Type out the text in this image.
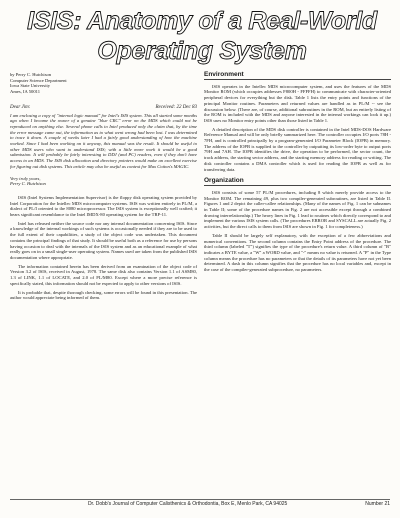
ISIS: Anatomy of a Real-World
Operating System
by Perry C. Hutchison
Computer Science Department
Iowa State University
Ames, IA 50011
Dear Jim:	Received: 22 Dec 83

I am enclosing a copy of "internal logic manual" for Intel's ISIS system. This all started some months ago when I became the owner of a genuine "blue CRC" error on the MDS which could not be reproduced on anything else. Several phone calls to Intel produced only the claim that, by the time the error message came out, the information as to what went wrong had been lost. I was determined to trace it down. A couple of weeks later I had a fairly good understanding of how the machine worked. Since I had been working on it anyway, this manual was the result. It should be useful to other MDS users who want to understand ISIS; with a little more work it would be a good submission. It will probably be fairly interesting to DDJ (and PC) readers, even if they don't have access to an MDS. The ISIS disk allocation and directory pointers would make an excellent exercise for figuring out disk systems. This article may also be useful as context for Max Cotton's MAGIC.

Very truly yours,
Perry C. Hutchison

ISIS (Intel Systems Implementation Supervisor) is the floppy disk operating system provided by Intel Corporation for the Intellec MDS microcomputer systems. ISIS was written entirely in PL/M, a dialect of PL/I oriented to the 8080 microprocessor. The ISIS system is exceptionally well crafted; it bears significant resemblance to the Intel IMDX-80 operating system for the TRP-11.

Intel has released neither the source code nor any internal documentation concerning ISIS. Since a knowledge of the internal workings of such systems is occasionally needed if they are to be used to the full extent of their capabilities, a study of the object code was undertaken. This document contains the principal findings of that study. It should be useful both as a reference for use by persons having occasion to deal with the internals of the ISIS system and as an educational example of what really goes on in a small single-user operating system. Names used are taken from the published ISIS documentation where appropriate.

The information contained herein has been derived from an examination of the object code of Version 3.2 of ISIS, received in August, 1978. The same disk also contains Version 1.1 of ASM80, 1.3 of LINK, 1.1 of LOCATE, and 2.0 of PL/M80. Except where a more precise reference is specifically stated, this information should not be expected to apply to other versions of ISIS.

It is probable that, despite thorough checking, some errors will be found in this presentation. The author would appreciate being informed of them.

Environment

ISIS operates in the Intellec MDS microcomputer system, and uses the features of the MDS Monitor ROM (which occupies addresses F800H - FFFFH) to communicate with character-oriented peripheral devices for everything but the disk. Table 1 lists the entry points and functions of the principal Monitor routines. Parameters and returned values are handled as in PL/M -- see the discussion below. (There are, of course, additional subroutines in the ROM, but an entirely listing of the ROM is included with the MDS and anyone interested in the internal workings can look it up.) ISIS uses no Monitor entry points other than those listed in Table 1.

A detailed description of the MDS disk controller is contained in the Intel MDS-DOS Hardware Reference Manual and will be only briefly summarized here. The controller occupies I/O ports 78H - 7FH, and is controlled principally by a program-generated I/O Parameter Block (IOPB) in memory. The address of the IOPB is supplied to the controller by outputting its low-order byte to output ports 79H and 7AH. The IOPB identifies the drive, the operation to be performed, the sector count, the track address, the starting sector address, and the starting memory address for reading or writing. The disk controller contains a DMA controller which is used for reading the IOPB as well as for transferring data.

Organization

ISIS consists of some 57 PL/M procedures, including 8 which merely provide access to the Monitor ROM. The remaining 49, plus two compiler-generated subroutines, are listed in Table II. Figures 1 and 2 depict the caller-callee relationships. (Many of the names of Fig. 1 can be subnames in Table II; some of the procedure names in Fig. 2 are not accessible except through a combined drawing interrelationship.) The heavy lines in Fig. 1 lead to routines which directly correspond to and implement the various ISIS system calls. (The procedures ERROR and SYSCALL are actually Fig. 2 activities, but the direct calls to them from ISIS are shown in Fig. 1 for completeness.)

Table II should be largely self explanatory, with the exception of a few abbreviations and numerical conventions. The second column contains the Entry Point address of the procedure. The third column (labeled "T") signifies the type of the procedure's return value. A third column of "B" indicates a BYTE value, a "W" a WORD value, and "-" means no value is returned. A "P" in the Type column means the procedure has no parameters or that the details of its parameters have not yet been determined. A dash in this column signifies that the procedure has no local variables and, except in the case of the compiler-generated subprocedure, no parameters.

Dr. Dobb's Journal of Computer Calisthenics & Orthodontia, Box E, Menlo Park, CA 94025	Number 21
